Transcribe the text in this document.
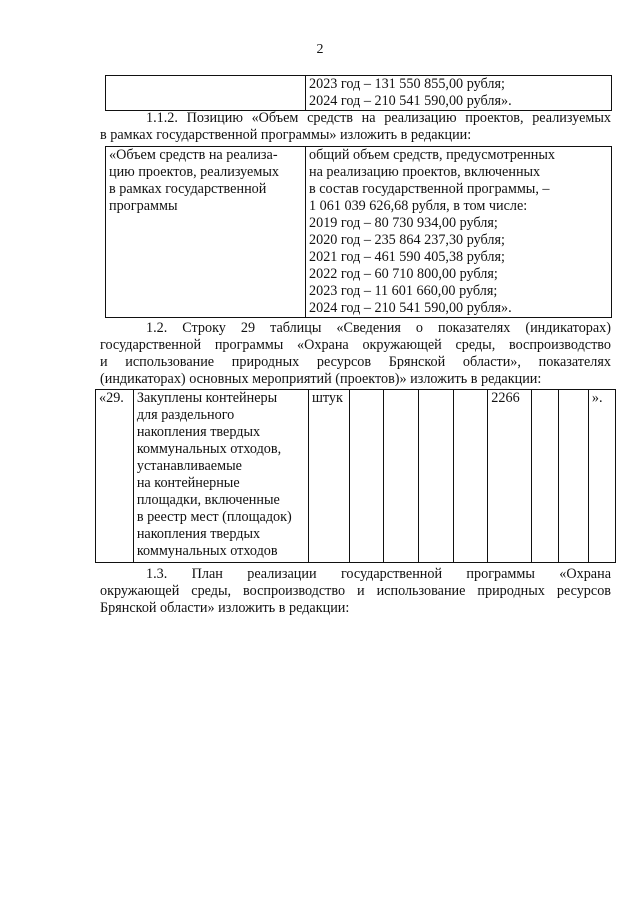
2

2023 год – 131 550 855,00 рубля;
2024 год – 210 541 590,00 рубля».
1.1.2. Позицию «Объем средств на реализацию проектов, реализуемых
в рамках государственной программы» изложить в редакции:
«Объем средств на реализа-
цию проектов, реализуемых
в рамках государственной
программы

общий объем средств, предусмотренных
на реализацию проектов, включенных
в состав государственной программы, –
1 061 039 626,68 рубля, в том числе:
2019 год – 80 730 934,00 рубля;
2020 год – 235 864 237,30 рубля;
2021 год – 461 590 405,38 рубля;
2022 год – 60 710 800,00 рубля;
2023 год – 11 601 660,00 рубля;
2024 год – 210 541 590,00 рубля».
1.2. Строку 29 таблицы «Сведения о показателях (индикаторах)
государственной программы «Охрана окружающей среды, воспроизводство
и использование природных ресурсов Брянской области», показателях
(индикаторах) основных мероприятий (проектов)» изложить в редакции:
«29.	Закуплены контейнеры
для раздельного
накопления твердых
коммунальных отходов,
устанавливаемые
на контейнерные
площадки, включенные
в реестр мест (площадок)
накопления твердых
коммунальных отходов
	штук					2266			».
1.3. План реализации государственной программы «Охрана
окружающей среды, воспроизводство и использование природных ресурсов
Брянской области» изложить в редакции:
